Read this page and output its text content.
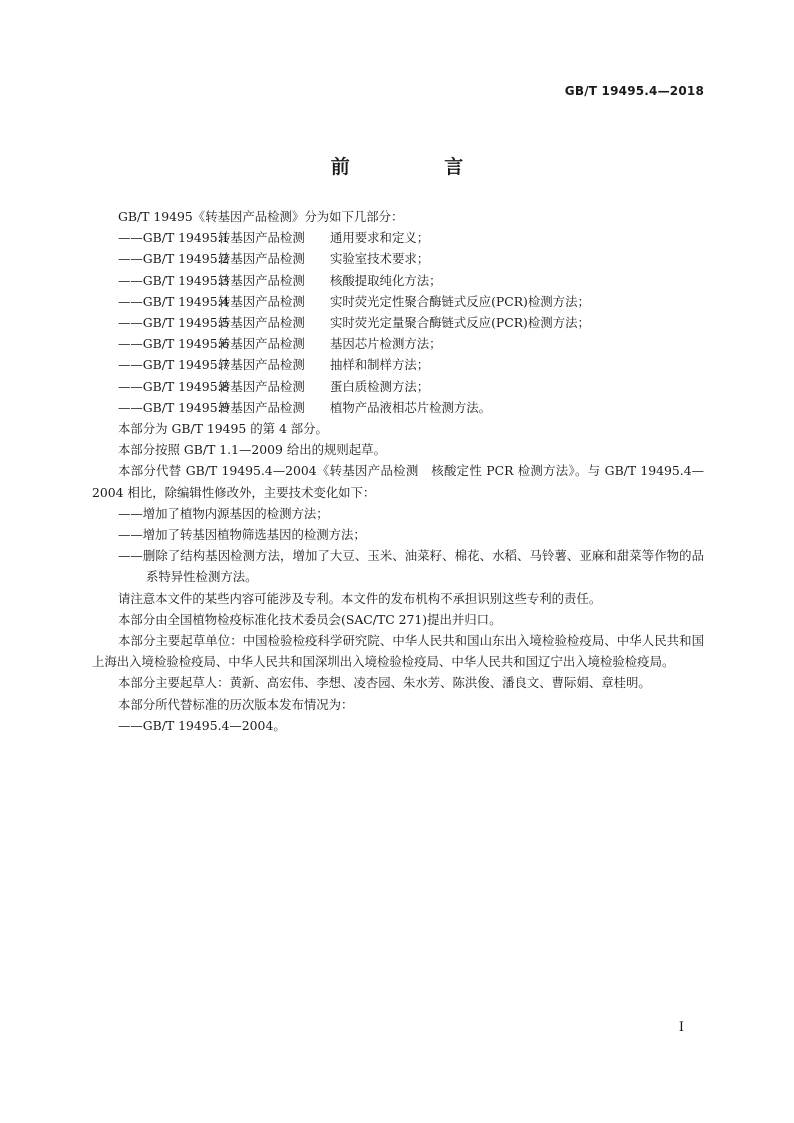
GB/T 19495.4—2018
前 言

GB/T 19495《转基因产品检测》分为如下几部分：

——GB/T 19495.1转基因产品检测 通用要求和定义；

——GB/T 19495.2转基因产品检测 实验室技术要求；

——GB/T 19495.3转基因产品检测 核酸提取纯化方法；

——GB/T 19495.4转基因产品检测 实时荧光定性聚合酶链式反应(PCR)检测方法；

——GB/T 19495.5转基因产品检测 实时荧光定量聚合酶链式反应(PCR)检测方法；

——GB/T 19495.6转基因产品检测 基因芯片检测方法；

——GB/T 19495.7转基因产品检测 抽样和制样方法；

——GB/T 19495.8转基因产品检测 蛋白质检测方法；

——GB/T 19495.9转基因产品检测 植物产品液相芯片检测方法。

本部分为 GB/T 19495 的第 4 部分。

本部分按照 GB/T 1.1—2009 给出的规则起草。

本部分代替 GB/T 19495.4—2004《转基因产品检测　核酸定性 PCR 检测方法》。与 GB/T 19495.4—2004 相比，除编辑性修改外，主要技术变化如下：

——增加了植物内源基因的检测方法；

——增加了转基因植物筛选基因的检测方法；

——删除了结构基因检测方法，增加了大豆、玉米、油菜籽、棉花、水稻、马铃薯、亚麻和甜菜等作物的品系特异性检测方法。

请注意本文件的某些内容可能涉及专利。本文件的发布机构不承担识别这些专利的责任。

本部分由全国植物检疫标准化技术委员会(SAC/TC 271)提出并归口。

本部分主要起草单位：中国检验检疫科学研究院、中华人民共和国山东出入境检验检疫局、中华人民共和国上海出入境检验检疫局、中华人民共和国深圳出入境检验检疫局、中华人民共和国辽宁出入境检验检疫局。

本部分主要起草人：黄新、高宏伟、李想、凌杏园、朱水芳、陈洪俊、潘良文、曹际娟、章桂明。

本部分所代替标准的历次版本发布情况为：

——GB/T 19495.4—2004。

I
